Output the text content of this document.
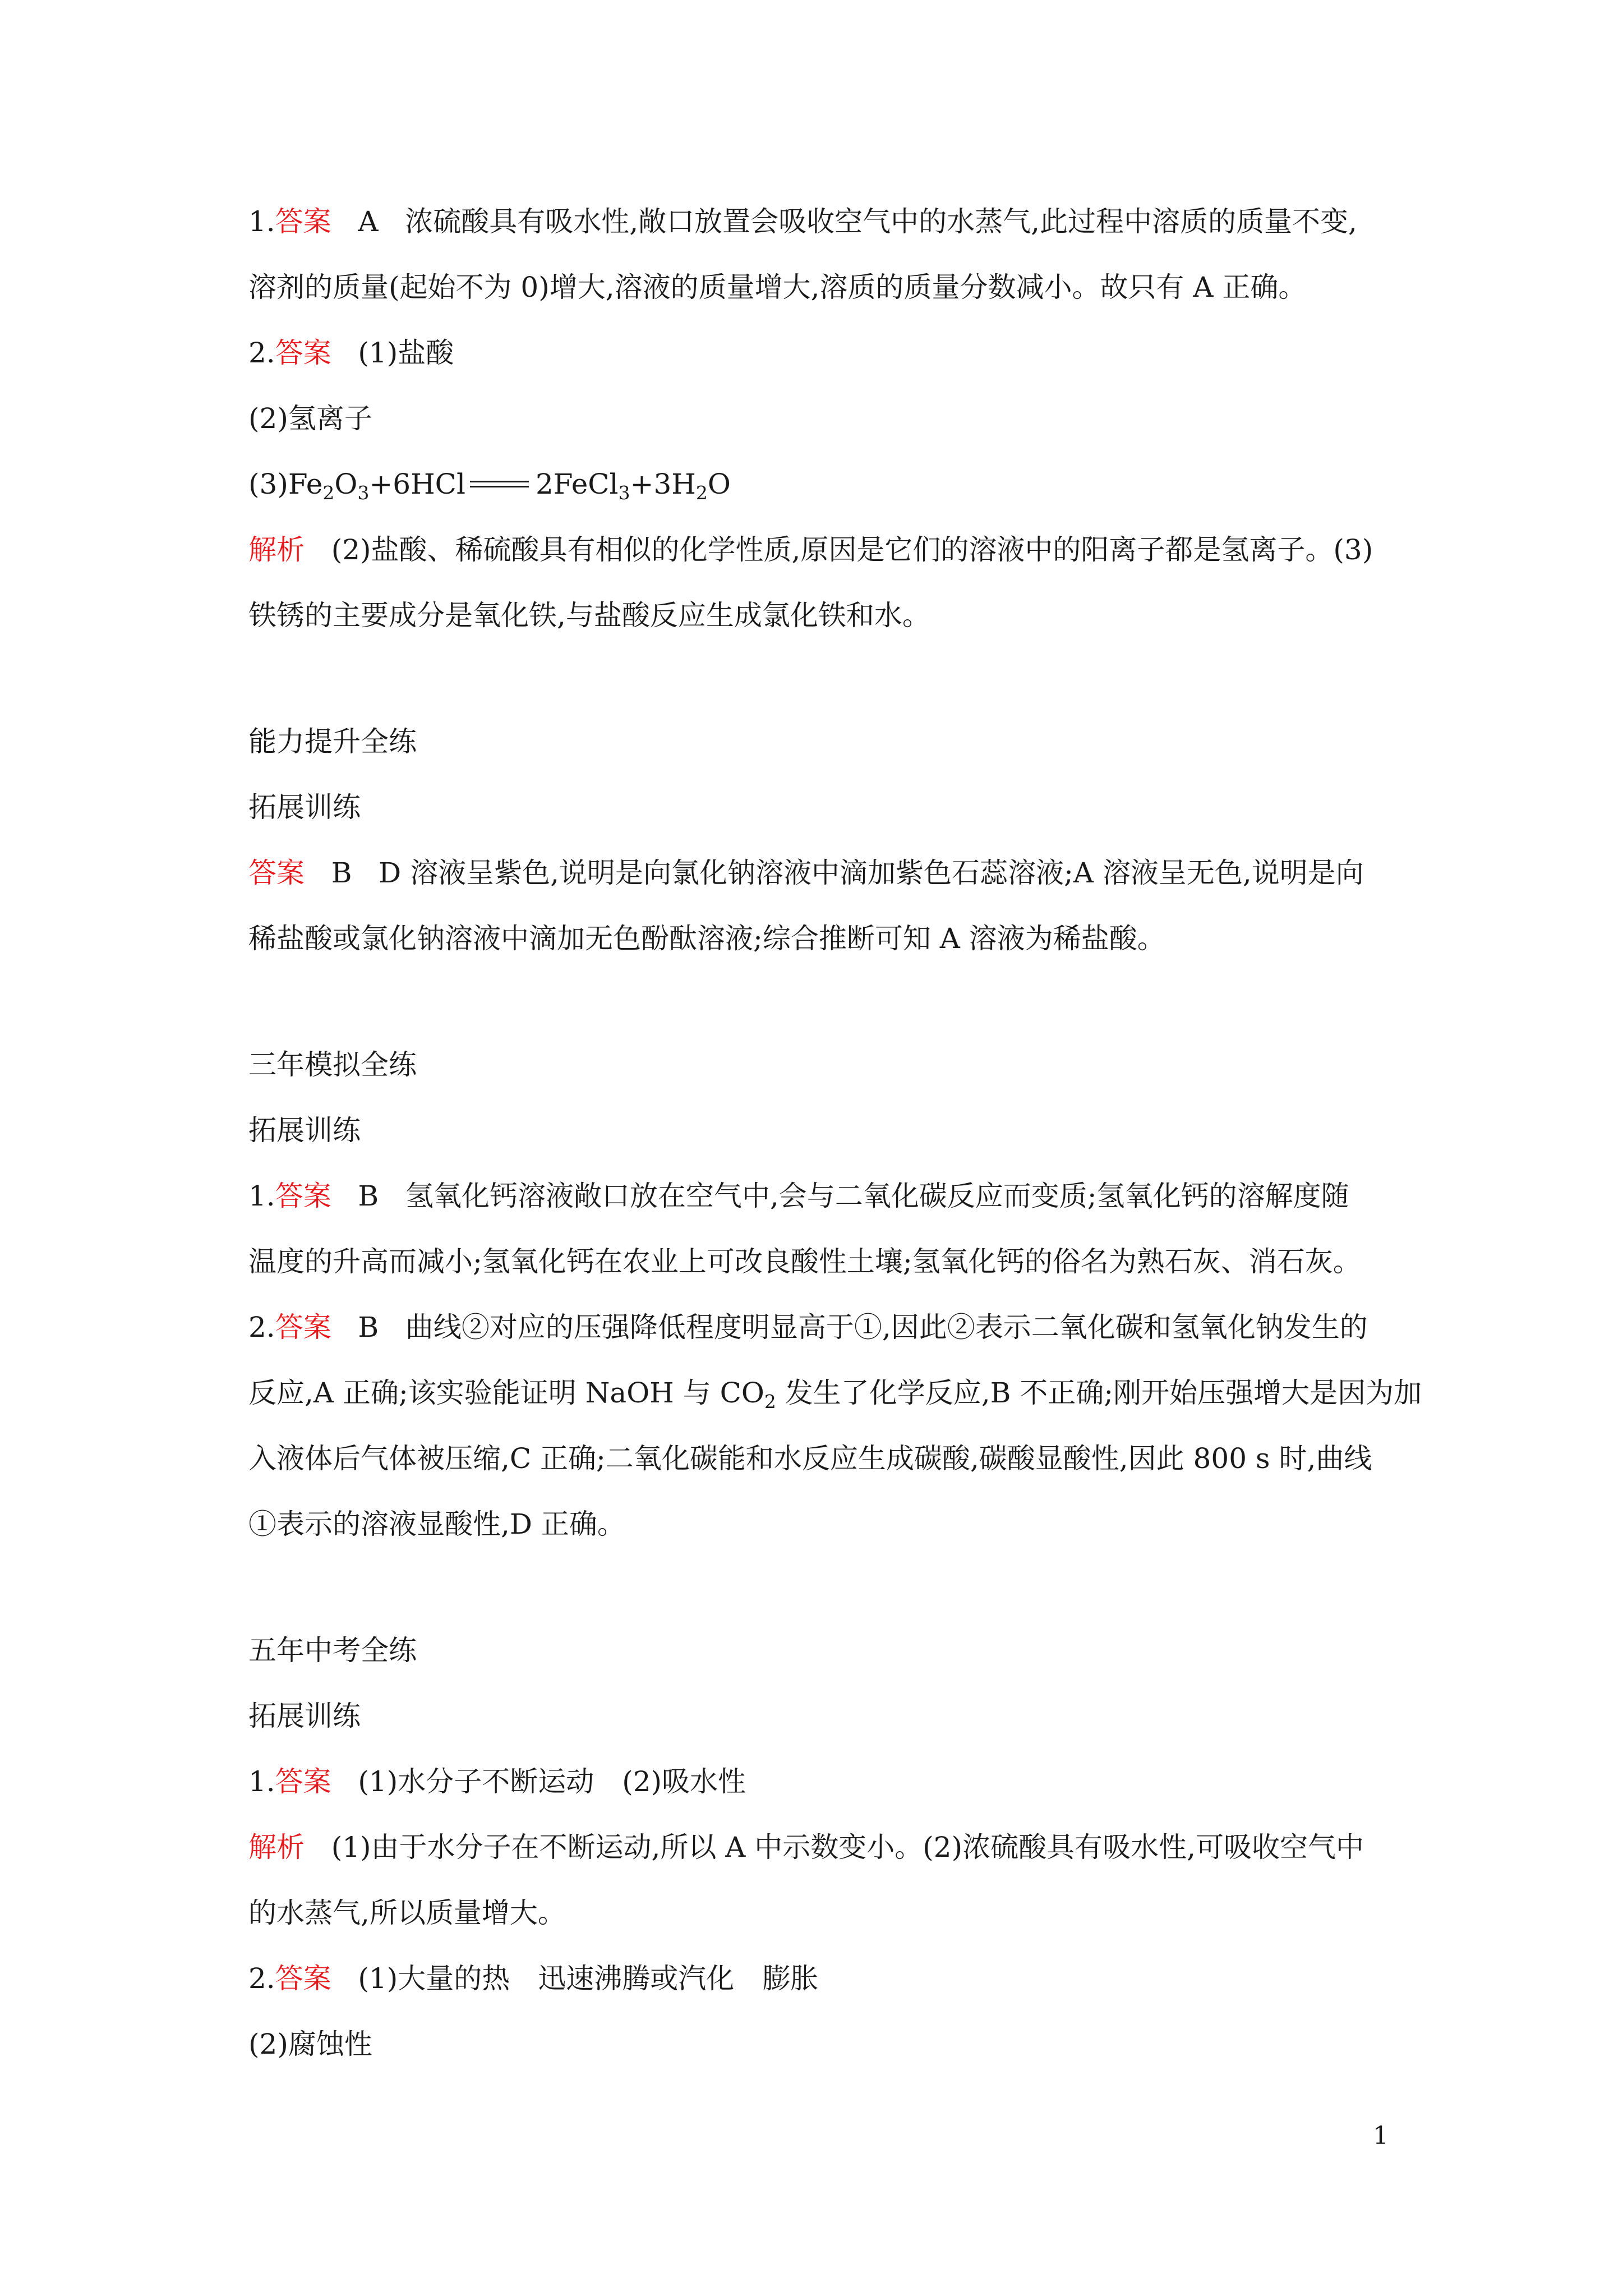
1.答案 A 浓硫酸具有吸水性,敞口放置会吸收空气中的水蒸气,此过程中溶质的质量不变,
溶剂的质量(起始不为 0)增大,溶液的质量增大,溶质的质量分数减小。故只有 A 正确。
2.答案 (1)盐酸
(2)氢离子
$(3)Fe_2O_3+6HCl$	$2FeCl_3+3H_2O$
解析 (2)盐酸、稀硫酸具有相似的化学性质,原因是它们的溶液中的阳离子都是氢离子。(3)
铁锈的主要成分是氧化铁,与盐酸反应生成氯化铁和水。
能力提升全练
拓展训练
答案 B D 溶液呈紫色,说明是向氯化钠溶液中滴加紫色石蕊溶液;A 溶液呈无色,说明是向
稀盐酸或氯化钠溶液中滴加无色酚酞溶液;综合推断可知 A 溶液为稀盐酸。
三年模拟全练
拓展训练
1.答案 B 氢氧化钙溶液敞口放在空气中,会与二氧化碳反应而变质;氢氧化钙的溶解度随
温度的升高而减小;氢氧化钙在农业上可改良酸性土壤;氢氧化钙的俗名为熟石灰、消石灰。
2.答案 B 曲线②对应的压强降低程度明显高于①,因此②表示二氧化碳和氢氧化钠发生的
反应,A 正确;该实验能证明 NaOH 与 $CO_2$ 发生了化学反应,B 不正确;刚开始压强增大是因为加
入液体后气体被压缩,C 正确;二氧化碳能和水反应生成碳酸,碳酸显酸性,因此 800 s 时,曲线
①表示的溶液显酸性,D 正确。
五年中考全练
拓展训练
1.答案 (1)水分子不断运动　(2)吸水性
解析 (1)由于水分子在不断运动,所以 A 中示数变小。(2)浓硫酸具有吸水性,可吸收空气中
的水蒸气,所以质量增大。
2.答案 (1)大量的热　迅速沸腾或汽化　膨胀
(2)腐蚀性
1
